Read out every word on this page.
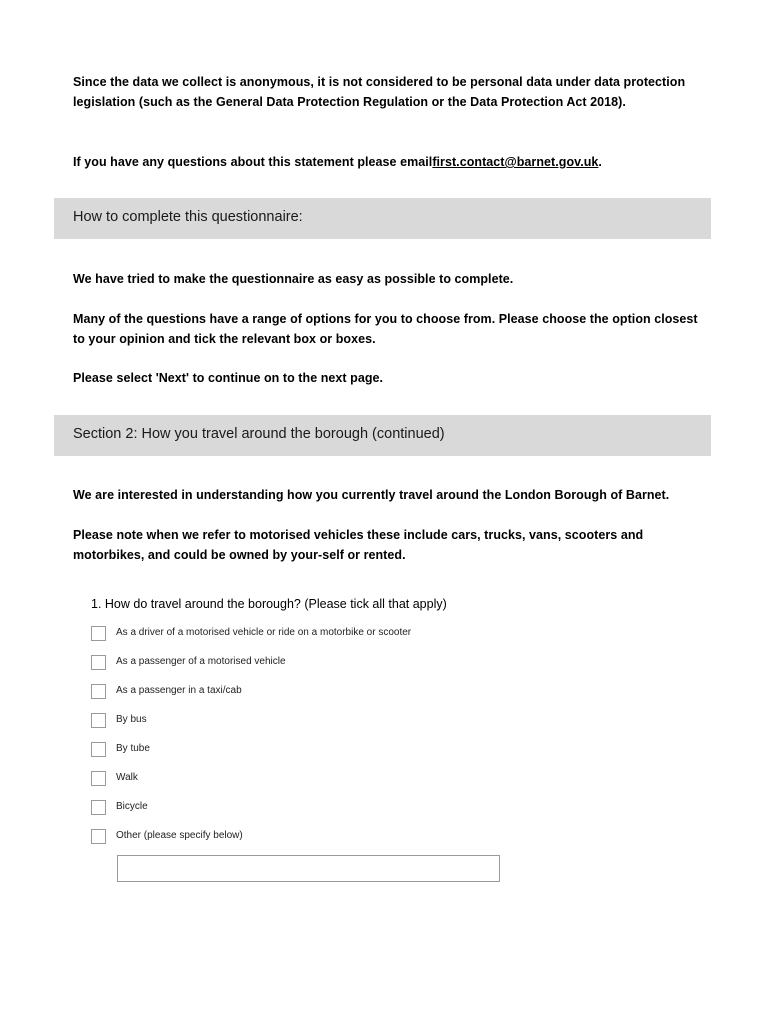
Since the data we collect is anonymous, it is not considered to be personal data under data protection legislation (such as the General Data Protection Regulation or the Data Protection Act 2018).
If you have any questions about this statement please emailfirst.contact@barnet.gov.uk.
How to complete this questionnaire:
We have tried to make the questionnaire as easy as possible to complete.
Many of the questions have a range of options for you to choose from. Please choose the option closest to your opinion and tick the relevant box or boxes.
Please select 'Next' to continue on to the next page.
Section 2: How you travel around the borough (continued)
We are interested in understanding how you currently travel around the London Borough of Barnet.
Please note when we refer to motorised vehicles these include cars, trucks, vans, scooters and motorbikes, and could be owned by your-self or rented.
1. How do travel around the borough? (Please tick all that apply)
As a driver of a motorised vehicle or ride on a motorbike or scooter
As a passenger of a motorised vehicle
As a passenger in a taxi/cab
By bus
By tube
Walk
Bicycle
Other (please specify below)
